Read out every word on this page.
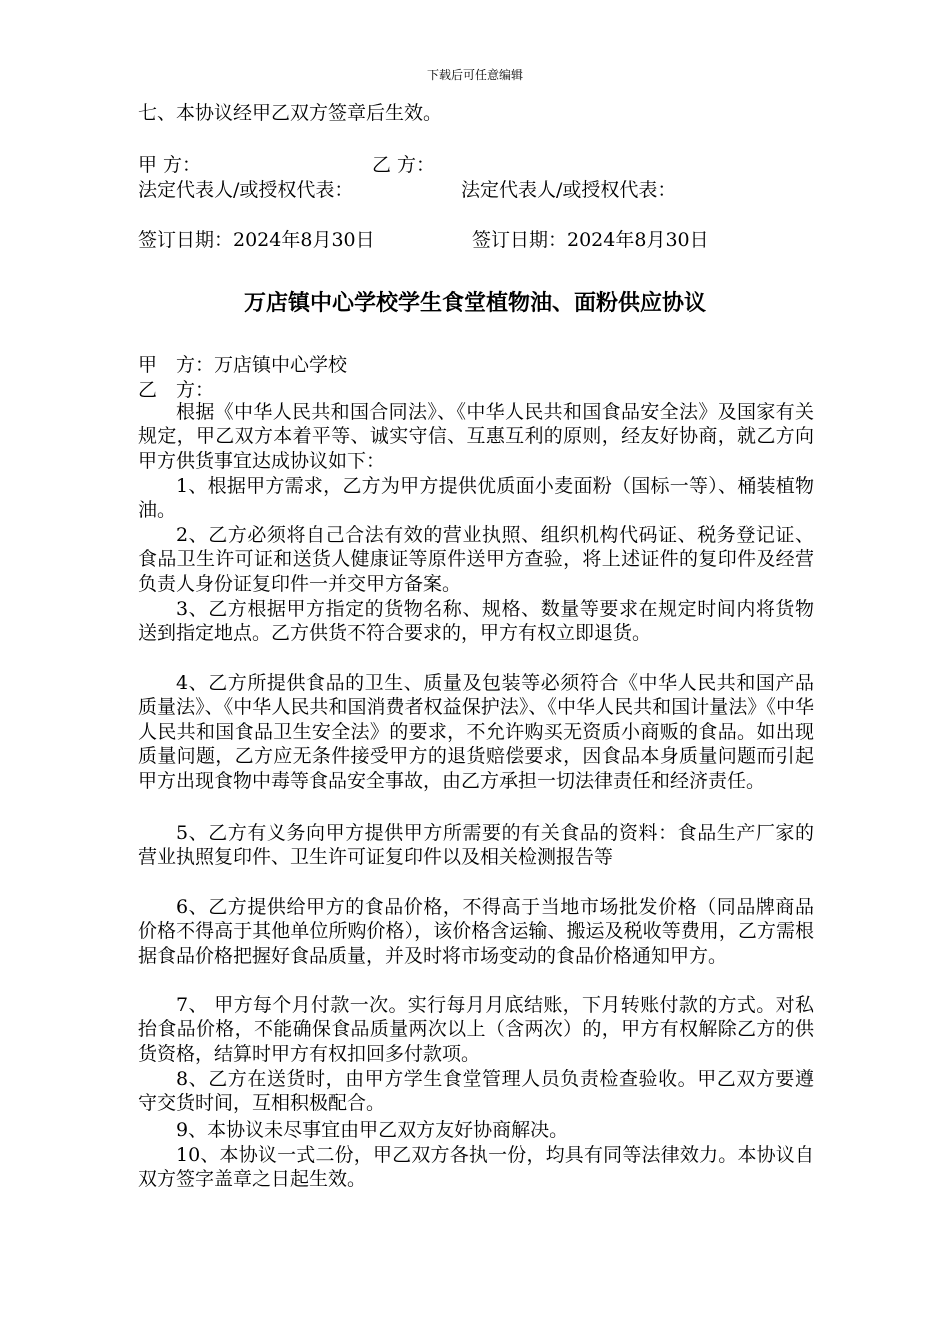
下载后可任意编辑
七、本协议经甲乙双方签章后生效。
甲 方：	乙 方：
法定代表人/或授权代表：	法定代表人/或授权代表：
签订日期：2024年8月30日	签订日期：2024年8月30日
万店镇中心学校学生食堂植物油、面粉供应协议
甲　方：万店镇中心学校
乙　方：
根据《中华人民共和国合同法》、《中华人民共和国食品安全法》及国家有关规定，甲乙双方本着平等、诚实守信、互惠互利的原则，经友好协商，就乙方向甲方供货事宜达成协议如下：
1、根据甲方需求，乙方为甲方提供优质面小麦面粉（国标一等）、桶装植物油。
2、乙方必须将自己合法有效的营业执照、组织机构代码证、税务登记证、食品卫生许可证和送货人健康证等原件送甲方查验，将上述证件的复印件及经营负责人身份证复印件一并交甲方备案。
3、乙方根据甲方指定的货物名称、规格、数量等要求在规定时间内将货物送到指定地点。乙方供货不符合要求的，甲方有权立即退货。
4、乙方所提供食品的卫生、质量及包装等必须符合《中华人民共和国产品质量法》、《中华人民共和国消费者权益保护法》、《中华人民共和国计量法》《中华人民共和国食品卫生安全法》的要求，不允许购买无资质小商贩的食品。如出现质量问题，乙方应无条件接受甲方的退货赔偿要求，因食品本身质量问题而引起甲方出现食物中毒等食品安全事故，由乙方承担一切法律责任和经济责任。
5、乙方有义务向甲方提供甲方所需要的有关食品的资料：食品生产厂家的营业执照复印件、卫生许可证复印件以及相关检测报告等
6、乙方提供给甲方的食品价格，不得高于当地市场批发价格（同品牌商品价格不得高于其他单位所购价格），该价格含运输、搬运及税收等费用，乙方需根据食品价格把握好食品质量，并及时将市场变动的食品价格通知甲方。
7、 甲方每个月付款一次。实行每月月底结账，下月转账付款的方式。对私抬食品价格，不能确保食品质量两次以上（含两次）的，甲方有权解除乙方的供货资格，结算时甲方有权扣回多付款项。
8、乙方在送货时，由甲方学生食堂管理人员负责检查验收。甲乙双方要遵守交货时间，互相积极配合。
9、本协议未尽事宜由甲乙双方友好协商解决。
10、本协议一式二份，甲乙双方各执一份，均具有同等法律效力。本协议自双方签字盖章之日起生效。
